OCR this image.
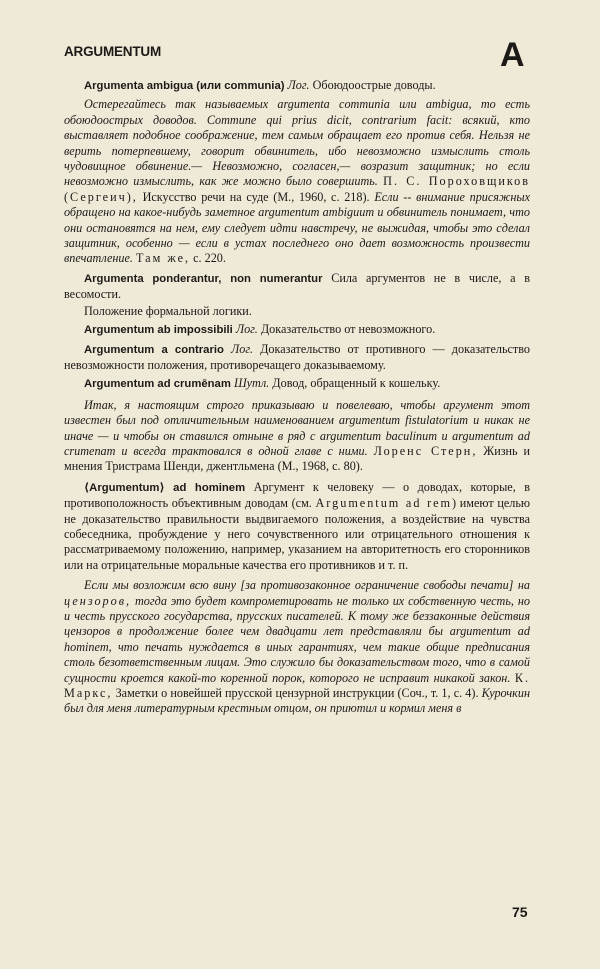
ARGUMENTUM	A

Argumenta ambigua (или communia) Лог. Обоюдоострые доводы.

Остерегайтесь так называемых argumenta communia или ambigua, то есть обоюдоострых доводов. Commune qui prius dicit, contrarium facit: всякий, кто выставляет подобное соображение, тем самым обращает его против себя. Нельзя не верить потерпевшему, говорит обвинитель, ибо невозможно измыслить столь чудовищное обвинение.— Невозможно, согласен,— возразит защитник; но если невозможно измыслить, как же можно было совершить. П. С. Пороховщиков (Сергеич), Искусство речи на суде (М., 1960, с. 218). Если -- внимание присяжных обращено на какое-нибудь заметное argumentum ambiguum и обвинитель понимает, что они остановятся на нем, ему следует идти навстречу, не выжидая, чтобы это сделал защитник, особенно — если в устах последнего оно дает возможность произвести впечатление. Там же, с. 220.

Argumenta ponderantur, non numerantur Сила аргументов не в числе, а в весомости.

Положение формальной логики.

Argumentum ab impossibili Лог. Доказательство от невозможного.

Argumentum a contrario Лог. Доказательство от противного — доказательство невозможности положения, противоречащего доказываемому.

Argumentum ad crumēnam Шутл. Довод, обращенный к кошельку.

Итак, я настоящим строго приказываю и повелеваю, чтобы аргумент этот известен был под отличительным наименованием argumentum fistulatorium и никак не иначе — и чтобы он ставился отныне в ряд с argumentum baculinum и argumentum ad crumenam и всегда трактовался в одной главе с ними. Лоренс Стерн, Жизнь и мнения Тристрама Шенди, джентльмена (М., 1968, с. 80).

⟨Argumentum⟩ ad hominem Аргумент к человеку — о доводах, которые, в противоположность объективным доводам (см. Argumentum ad rem) имеют целью не доказательство правильности выдвигаемого положения, а воздействие на чувства собеседника, пробуждение у него сочувственного или отрицательного отношения к рассматриваемому положению, например, указанием на авторитетность его сторонников или на отрицательные моральные качества его противников и т. п.

Если мы возложим всю вину [за противозаконное ограничение свободы печати] на цензоров, тогда это будет компрометировать не только их собственную честь, но и честь прусского государства, прусских писателей. К тому же беззаконные действия цензоров в продолжение более чем двадцати лет представляли бы argumentum ad hominem, что печать нуждается в иных гарантиях, чем такие общие предписания столь безответственным лицам. Это служило бы доказательством того, что в самой сущности кроется какой-то коренной порок, которого не исправит никакой закон. К. Маркс, Заметки о новейшей прусской цензурной инструкции (Соч., т. 1, с. 4). Курочкин был для меня литературным крестным отцом, он приютил и кормил меня в

75
